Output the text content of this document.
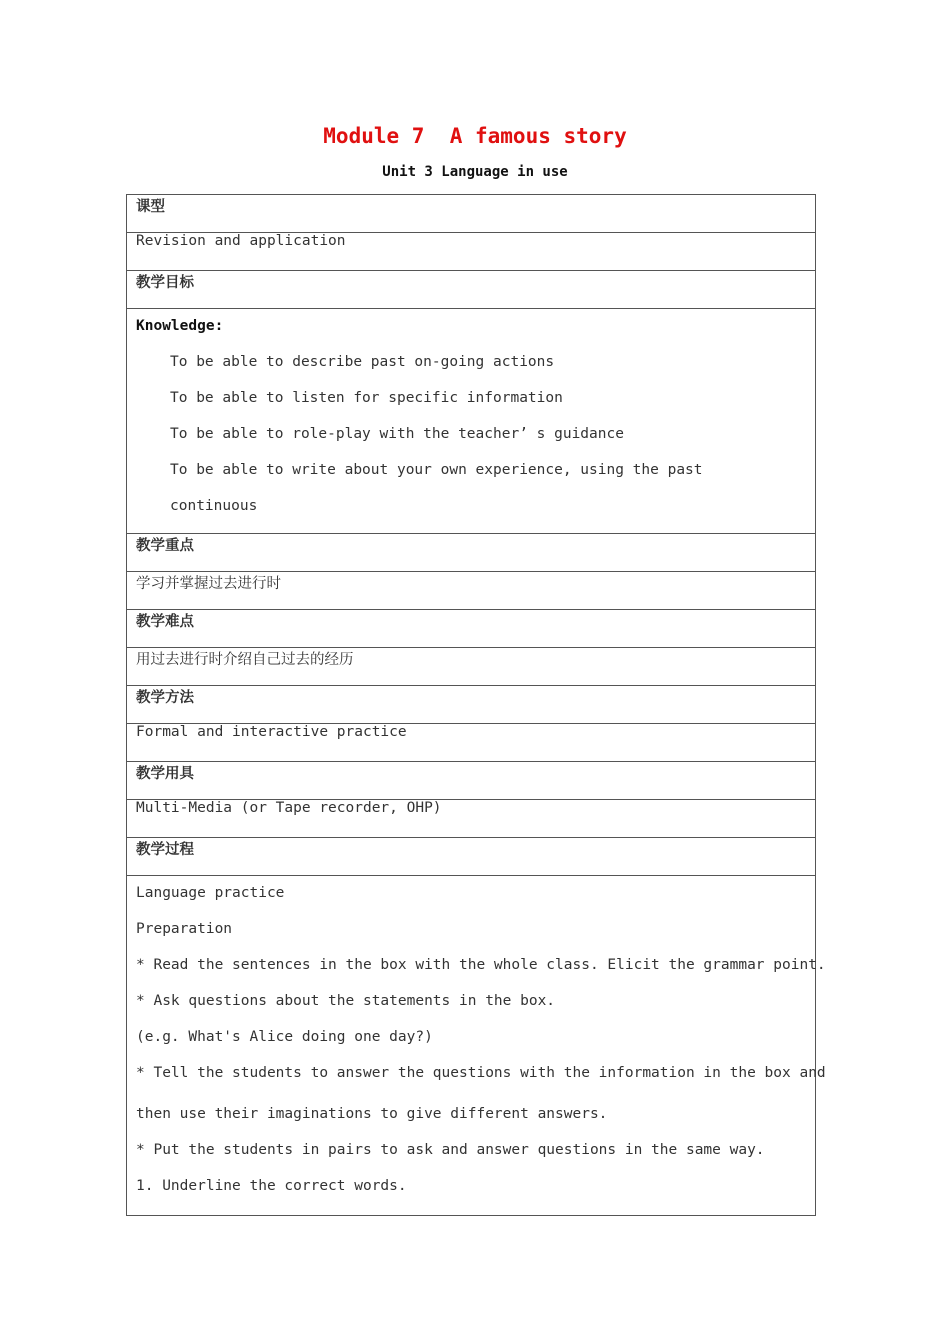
Module 7  A famous story
Unit 3 Language in use
课型
Revision and application
教学目标

Knowledge:
To be able to describe past on-going actions
To be able to listen for specific information
To be able to role-play with the teacher’ s guidance
To be able to write about your own experience, using the past
continuous

教学重点
学习并掌握过去进行时
教学难点
用过去进行时介绍自己过去的经历
教学方法
Formal and interactive practice
教学用具
Multi-Media (or Tape recorder, OHP)
教学过程

Language practice
Preparation
* Read the sentences in the box with the whole class. Elicit the grammar point.
* Ask questions about the statements in the box.
(e.g. What's Alice doing one day?)
* Tell the students to answer the questions with the information in the box and
then use their imaginations to give different answers.
* Put the students in pairs to ask and answer questions in the same way.
1. Underline the correct words.
